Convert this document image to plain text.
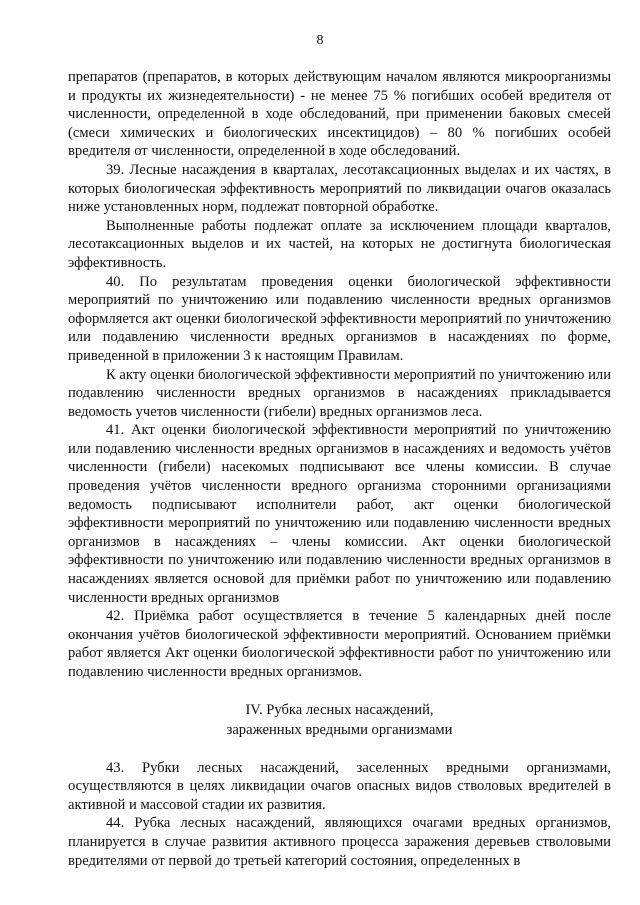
8

препаратов (препаратов, в которых действующим началом являются микроорганизмы и продукты их жизнедеятельности) - не менее 75 % погибших особей вредителя от численности, определенной в ходе обследований, при применении баковых смесей (смеси химических и биологических инсектицидов) – 80 % погибших особей вредителя от численности, определенной в ходе обследований.

39. Лесные насаждения в кварталах, лесотаксационных выделах и их частях, в которых биологическая эффективность мероприятий по ликвидации очагов оказалась ниже установленных норм, подлежат повторной обработке.

Выполненные работы подлежат оплате за исключением площади кварталов, лесотаксационных выделов и их частей, на которых не достигнута биологическая эффективность.

40. По результатам проведения оценки биологической эффективности мероприятий по уничтожению или подавлению численности вредных организмов оформляется акт оценки биологической эффективности мероприятий по уничтожению или подавлению численности вредных организмов в насаждениях по форме, приведенной в приложении 3 к настоящим Правилам.

К акту оценки биологической эффективности мероприятий по уничтожению или подавлению численности вредных организмов в насаждениях прикладывается ведомость учетов численности (гибели) вредных организмов леса.

41. Акт оценки биологической эффективности мероприятий по уничтожению или подавлению численности вредных организмов в насаждениях и ведомость учётов численности (гибели) насекомых подписывают все члены комиссии. В случае проведения учётов численности вредного организма сторонними организациями ведомость подписывают исполнители работ, акт оценки биологической эффективности мероприятий по уничтожению или подавлению численности вредных организмов в насаждениях – члены комиссии. Акт оценки биологической эффективности по уничтожению или подавлению численности вредных организмов в насаждениях является основой для приёмки работ по уничтожению или подавлению численности вредных организмов

42. Приёмка работ осуществляется в течение 5 календарных дней после окончания учётов биологической эффективности мероприятий. Основанием приёмки работ является Акт оценки биологической эффективности работ по уничтожению или подавлению численности вредных организмов.

IV. Рубка лесных насаждений,
зараженных вредными организмами

43. Рубки лесных насаждений, заселенных вредными организмами, осуществляются в целях ликвидации очагов опасных видов стволовых вредителей в активной и массовой стадии их развития.

44. Рубка лесных насаждений, являющихся очагами вредных организмов, планируется в случае развития активного процесса заражения деревьев стволовыми вредителями от первой до третьей категорий состояния, определенных в
